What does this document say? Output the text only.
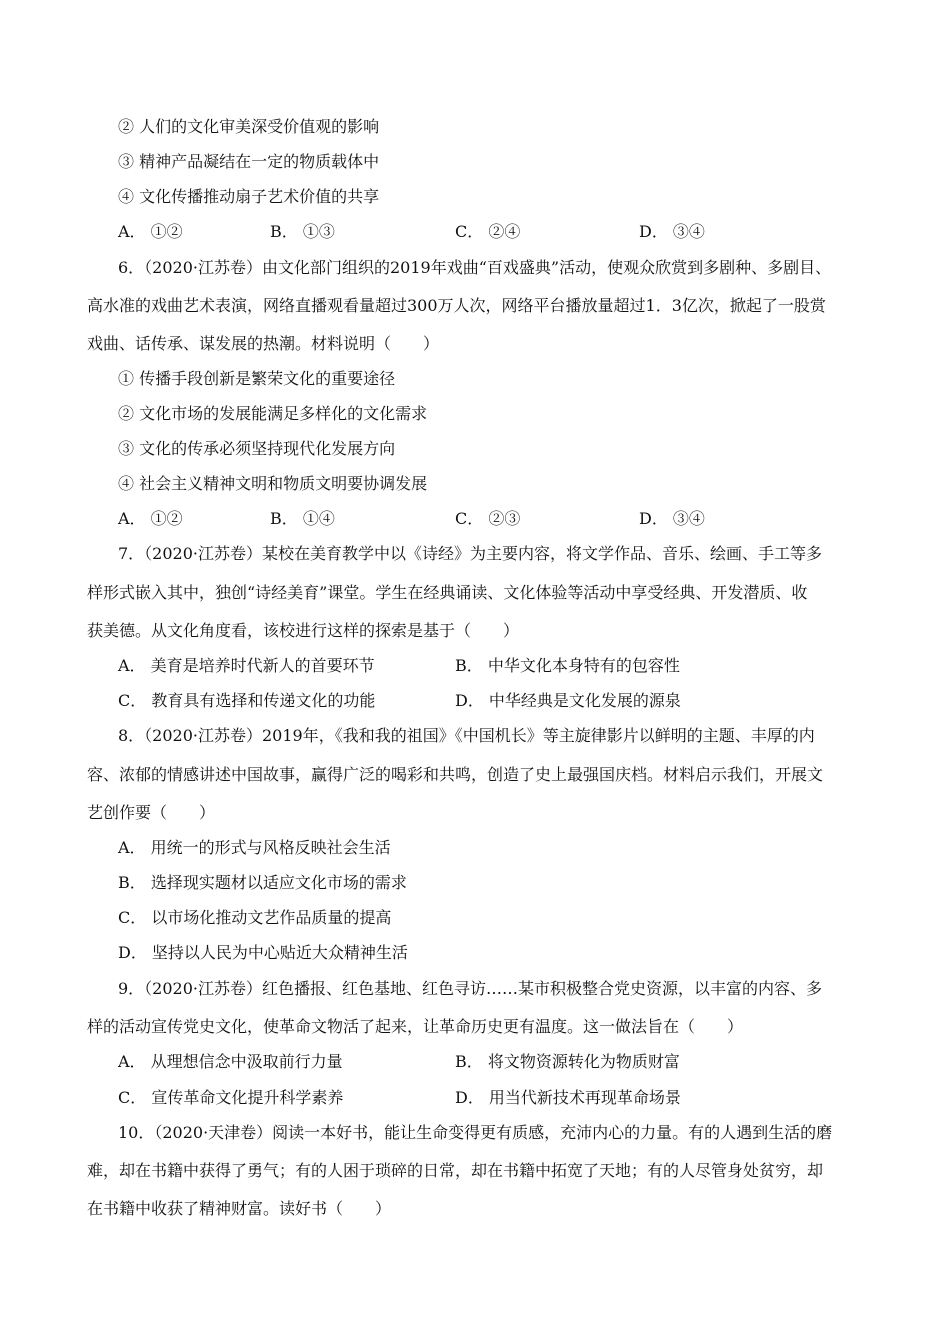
② 人们的文化审美深受价值观的影响
③ 精神产品凝结在一定的物质载体中
④ 文化传播推动扇子艺术价值的共享
A． ①②	B． ①③	C． ②④	D． ③④
6．（2020·江苏卷）由文化部门组织的2019年戏曲“百戏盛典”活动，使观众欣赏到多剧种、多剧目、
高水准的戏曲艺术表演，网络直播观看量超过300万人次，网络平台播放量超过1．3亿次，掀起了一股赏
戏曲、话传承、谋发展的热潮。材料说明（　　）
① 传播手段创新是繁荣文化的重要途径
② 文化市场的发展能满足多样化的文化需求
③ 文化的传承必须坚持现代化发展方向
④ 社会主义精神文明和物质文明要协调发展
A． ①②	B． ①④	C． ②③	D． ③④
7．（2020·江苏卷）某校在美育教学中以《诗经》为主要内容，将文学作品、音乐、绘画、手工等多
样形式嵌入其中，独创“诗经美育”课堂。学生在经典诵读、文化体验等活动中享受经典、开发潜质、收
获美德。从文化角度看，该校进行这样的探索是基于（　　）
A． 美育是培养时代新人的首要环节	B． 中华文化本身特有的包容性
C． 教育具有选择和传递文化的功能	D． 中华经典是文化发展的源泉
8．（2020·江苏卷）2019年，《我和我的祖国》《中国机长》等主旋律影片以鲜明的主题、丰厚的内
容、浓郁的情感讲述中国故事，赢得广泛的喝彩和共鸣，创造了史上最强国庆档。材料启示我们，开展文
艺创作要（　　）
A． 用统一的形式与风格反映社会生活
B． 选择现实题材以适应文化市场的需求
C． 以市场化推动文艺作品质量的提高
D． 坚持以人民为中心贴近大众精神生活
9．（2020·江苏卷）红色播报、红色基地、红色寻访……某市积极整合党史资源，以丰富的内容、多
样的活动宣传党史文化，使革命文物活了起来，让革命历史更有温度。这一做法旨在（　　）
A． 从理想信念中汲取前行力量	B． 将文物资源转化为物质财富
C． 宣传革命文化提升科学素养	D． 用当代新技术再现革命场景
10．（2020·天津卷）阅读一本好书，能让生命变得更有质感，充沛内心的力量。有的人遇到生活的磨
难，却在书籍中获得了勇气；有的人困于琐碎的日常，却在书籍中拓宽了天地；有的人尽管身处贫穷，却
在书籍中收获了精神财富。读好书（　　）
